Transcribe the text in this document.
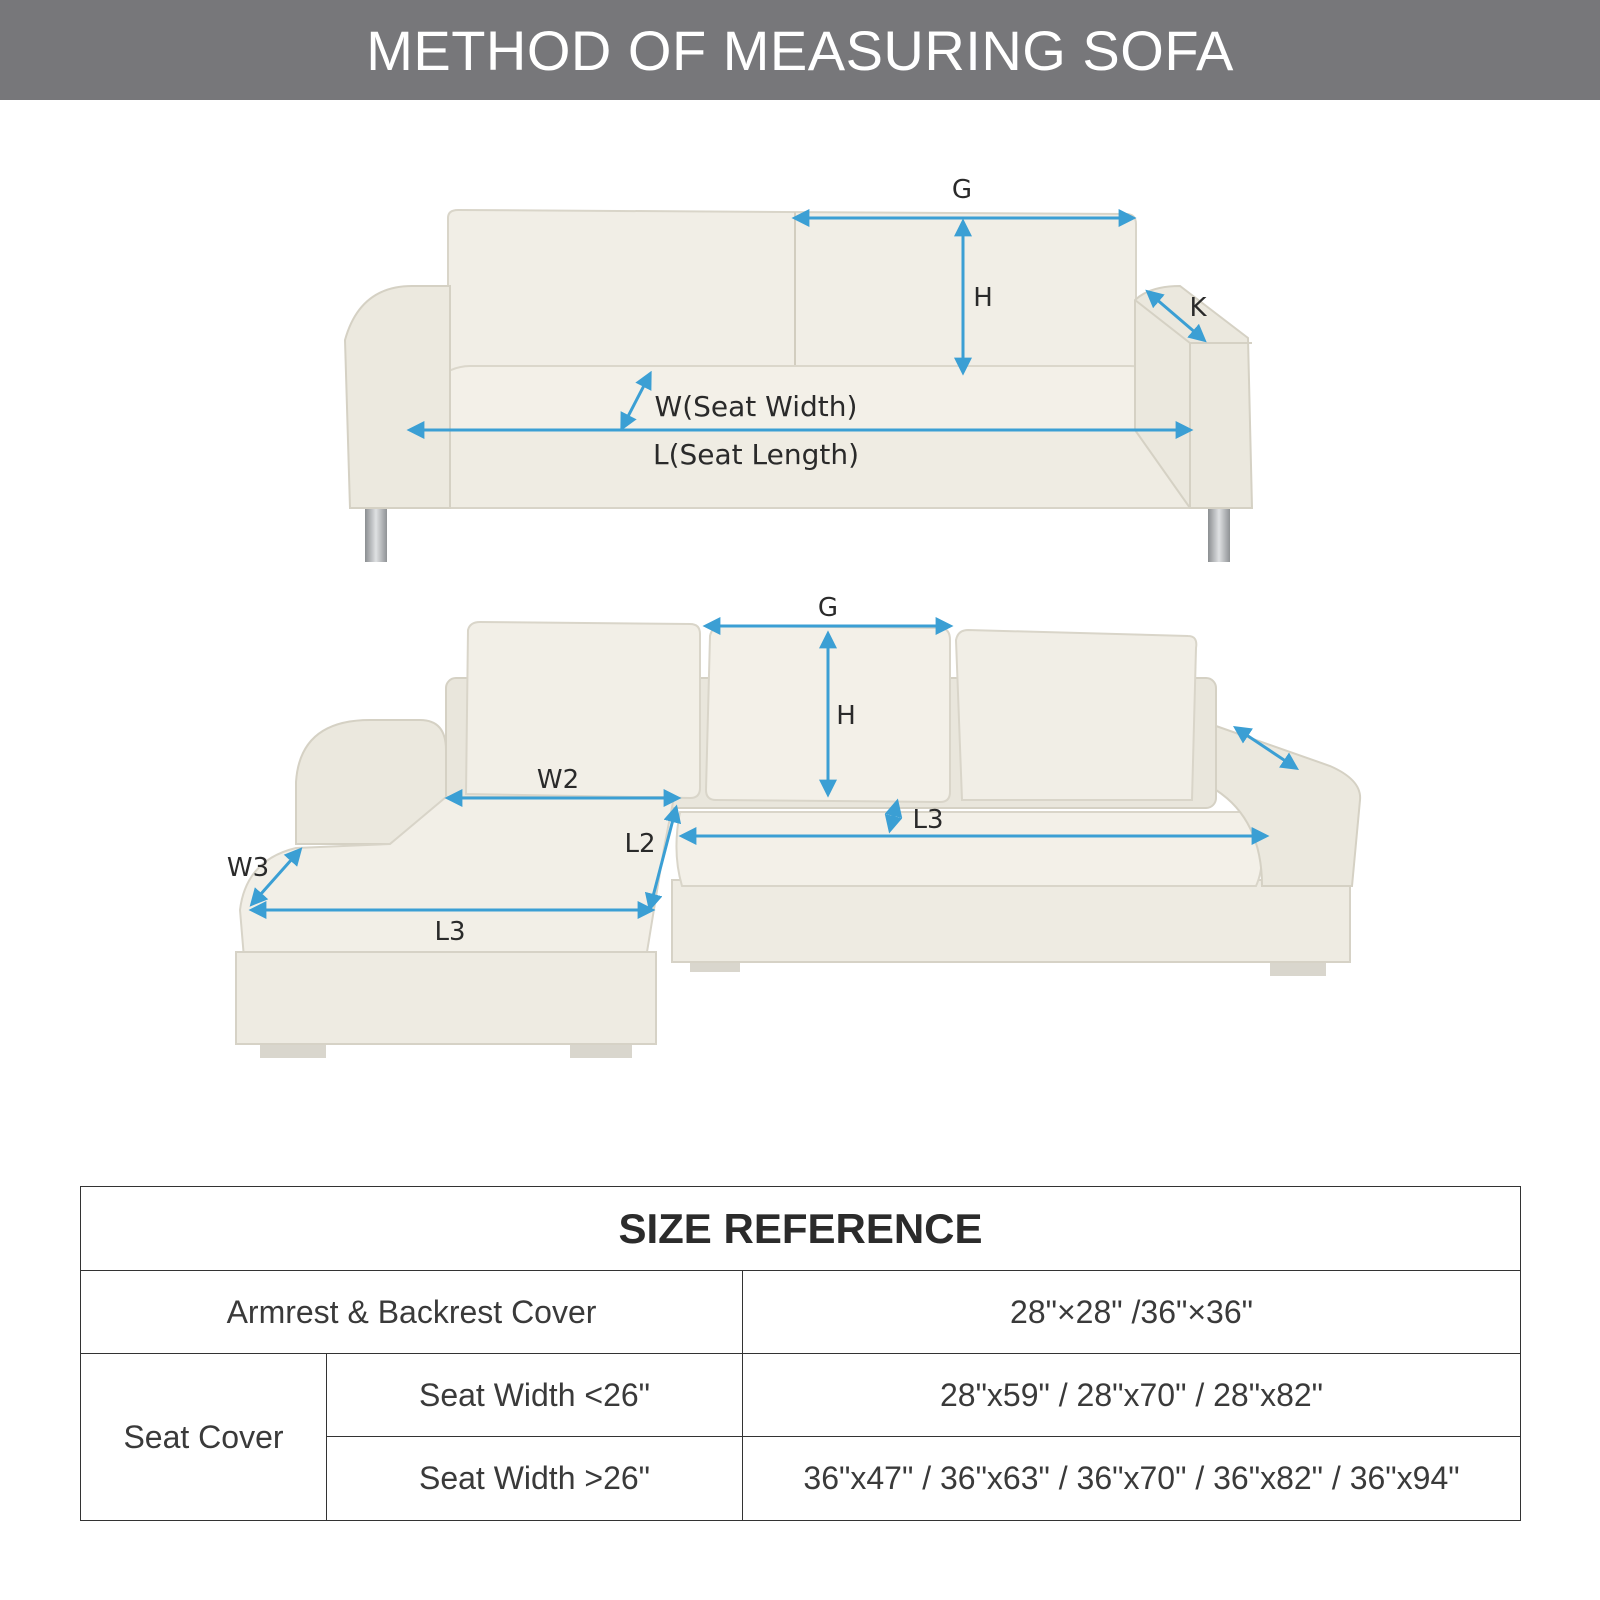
METHOD OF MEASURING SOFA
G
H	K
W(Seat Width)
L(Seat Length)
G
H
W2
L2
L3
W3
L3
SIZE REFERENCE		
Armrest & Backrest Cover		28"×28" /36"×36"
Seat Cover	Seat Width <26"	28"x59" / 28"x70" / 28"x82"
	Seat Width >26"	36"x47" / 36"x63" / 36"x70" / 36"x82" / 36"x94"
